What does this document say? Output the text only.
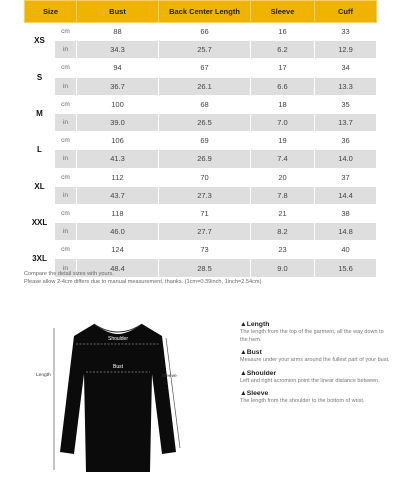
Size		Bust	Back Center Length	Sleeve	Cuff
XS	cm	88	66	16	33
	in	34.3	25.7	6.2	12.9
S	cm	94	67	17	34
	in	36.7	26.1	6.6	13.3
M	cm	100	68	18	35
	in	39.0	26.5	7.0	13.7
L	cm	106	69	19	36
	in	41.3	26.9	7.4	14.0
XL	cm	112	70	20	37
	in	43.7	27.3	7.8	14.4
XXL	cm	118	71	21	38
	in	46.0	27.7	8.2	14.8
3XL	cm	124	73	23	40
	in	48.4	28.5	9.0	15.6
Compare the detail sizes with yours.
Please allow 2-4cm differs due to manual measurement, thanks. (1cm=0.39inch, 1inch=2.54cm)
Shoulder
Bust
Length	Sleeve
▲Length
The length from the top of the garment, all the way down to the hem.
▲Bust
Measure under your arms around the fullest part of your bust.
▲Shoulder
Left and right acromion point the linear distance between.
▲Sleeve
The length from the shoulder to the bottom of wrist.
